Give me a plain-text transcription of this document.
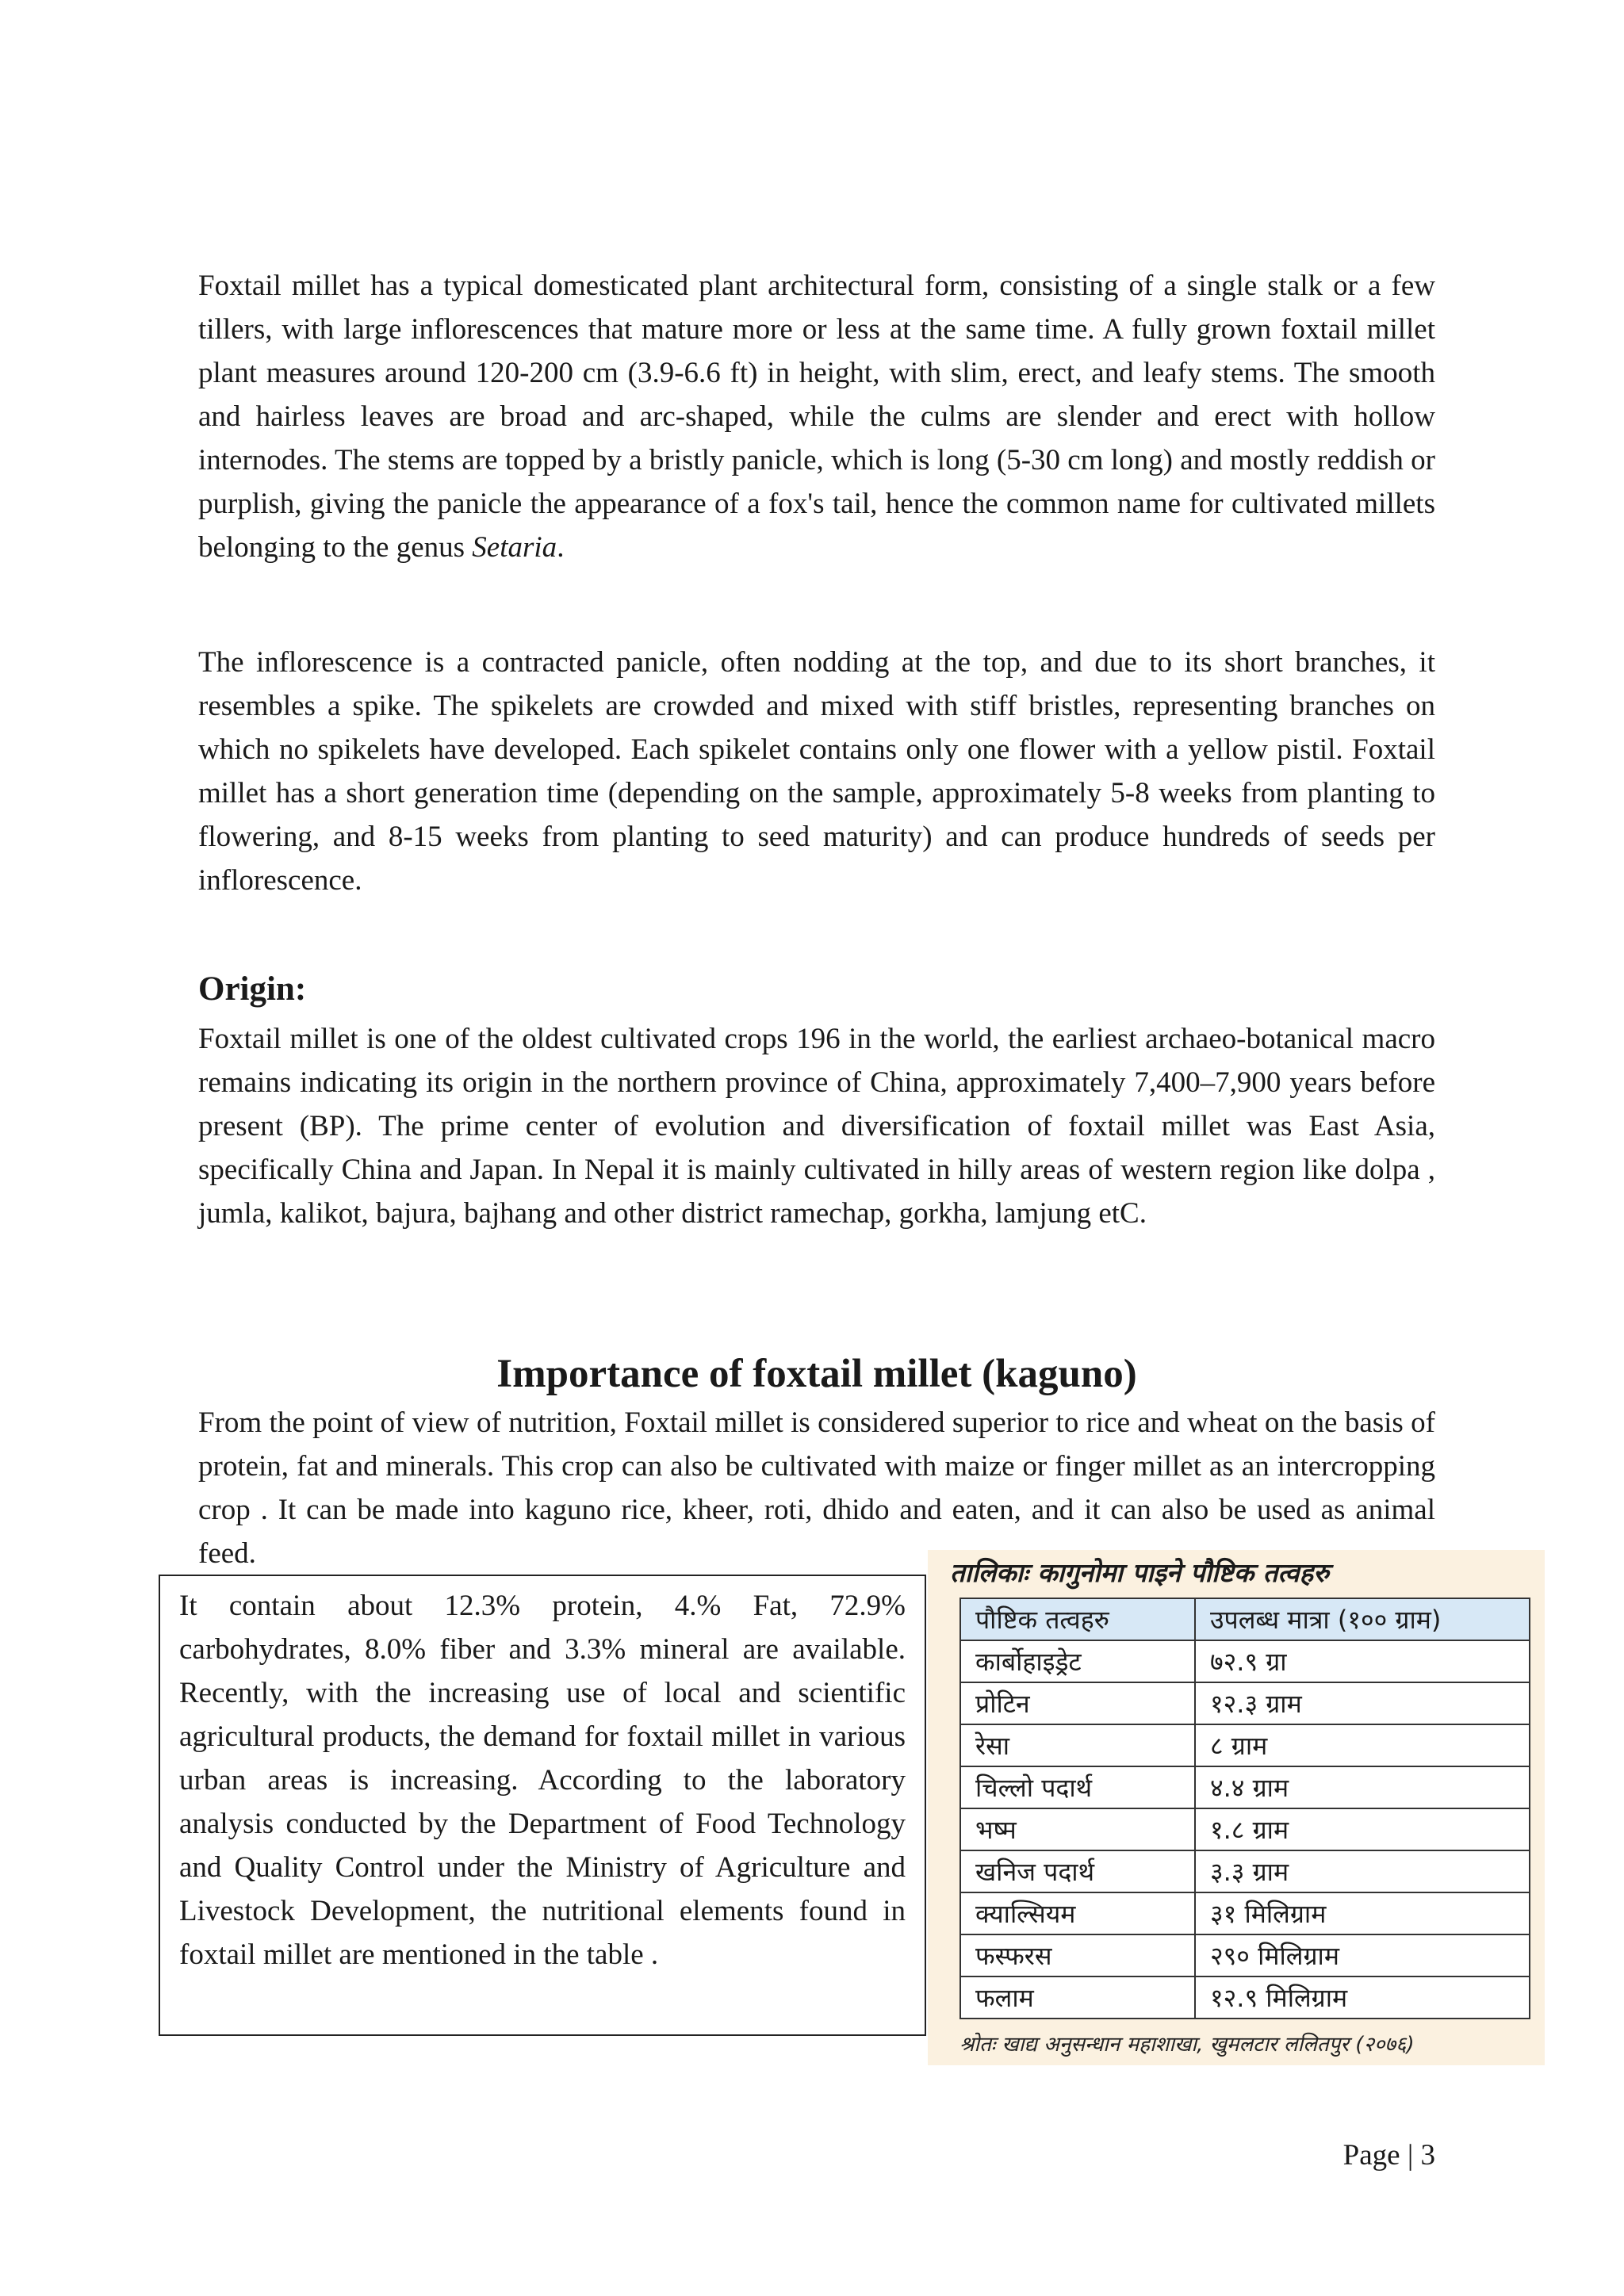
Foxtail millet has a typical domesticated plant architectural form, consisting of a single stalk or a few tillers, with large inflorescences that mature more or less at the same time. A fully grown foxtail millet plant measures around 120-200 cm (3.9-6.6 ft) in height, with slim, erect, and leafy stems. The smooth and hairless leaves are broad and arc-shaped, while the culms are slender and erect with hollow internodes. The stems are topped by a bristly panicle, which is long (5-30 cm long) and mostly reddish or purplish, giving the panicle the appearance of a fox's tail, hence the common name for cultivated millets belonging to the genus Setaria.

The inflorescence is a contracted panicle, often nodding at the top, and due to its short branches, it resembles a spike. The spikelets are crowded and mixed with stiff bristles, representing branches on which no spikelets have developed. Each spikelet contains only one flower with a yellow pistil. Foxtail millet has a short generation time (depending on the sample, approximately 5-8 weeks from planting to flowering, and 8-15 weeks from planting to seed maturity) and can produce hundreds of seeds per inflorescence.

Origin:

Foxtail millet is one of the oldest cultivated crops 196 in the world, the earliest archaeo-botanical macro remains indicating its origin in the northern province of China, approximately 7,400–7,900 years before present (BP). The prime center of evolution and diversification of foxtail millet was East Asia, specifically China and Japan. In Nepal it is mainly cultivated in hilly areas of western region like dolpa , jumla, kalikot, bajura, bajhang and other district ramechap, gorkha, lamjung etC.

Importance of foxtail millet (kaguno)

From the point of view of nutrition, Foxtail millet is considered superior to rice and wheat on the basis of protein, fat and minerals. This crop can also be cultivated with maize or finger millet as an intercropping crop . It can be made into kaguno rice, kheer, roti, dhido and eaten, and it can also be used as animal feed.

It contain about 12.3% protein, 4.% Fat, 72.9% carbohydrates, 8.0% fiber and 3.3% mineral are available. Recently, with the increasing use of local and scientific agricultural products, the demand for foxtail millet in various urban areas is increasing. According to the laboratory analysis conducted by the Department of Food Technology and Quality Control under the Ministry of Agriculture and Livestock Development, the nutritional elements found in foxtail millet are mentioned in the table .

तालिकाः कागुनोमा पाइने पौष्टिक तत्वहरु

पौष्टिक तत्वहरु	उपलब्ध मात्रा (१०० ग्राम)
कार्बोहाइड्रेट	७२.९ ग्रा
प्रोटिन	१२.३ ग्राम
रेसा	८ ग्राम
चिल्लो पदार्थ	४.४ ग्राम
भष्म	१.८ ग्राम
खनिज पदार्थ	३.३ ग्राम
क्याल्सियम	३१ मिलिग्राम
फस्फरस	२९० मिलिग्राम
फलाम	१२.९ मिलिग्राम

श्रोतः खाद्य अनुसन्धान महाशाखा, खुमलटार ललितपुर (२०७६)

Page | 3
